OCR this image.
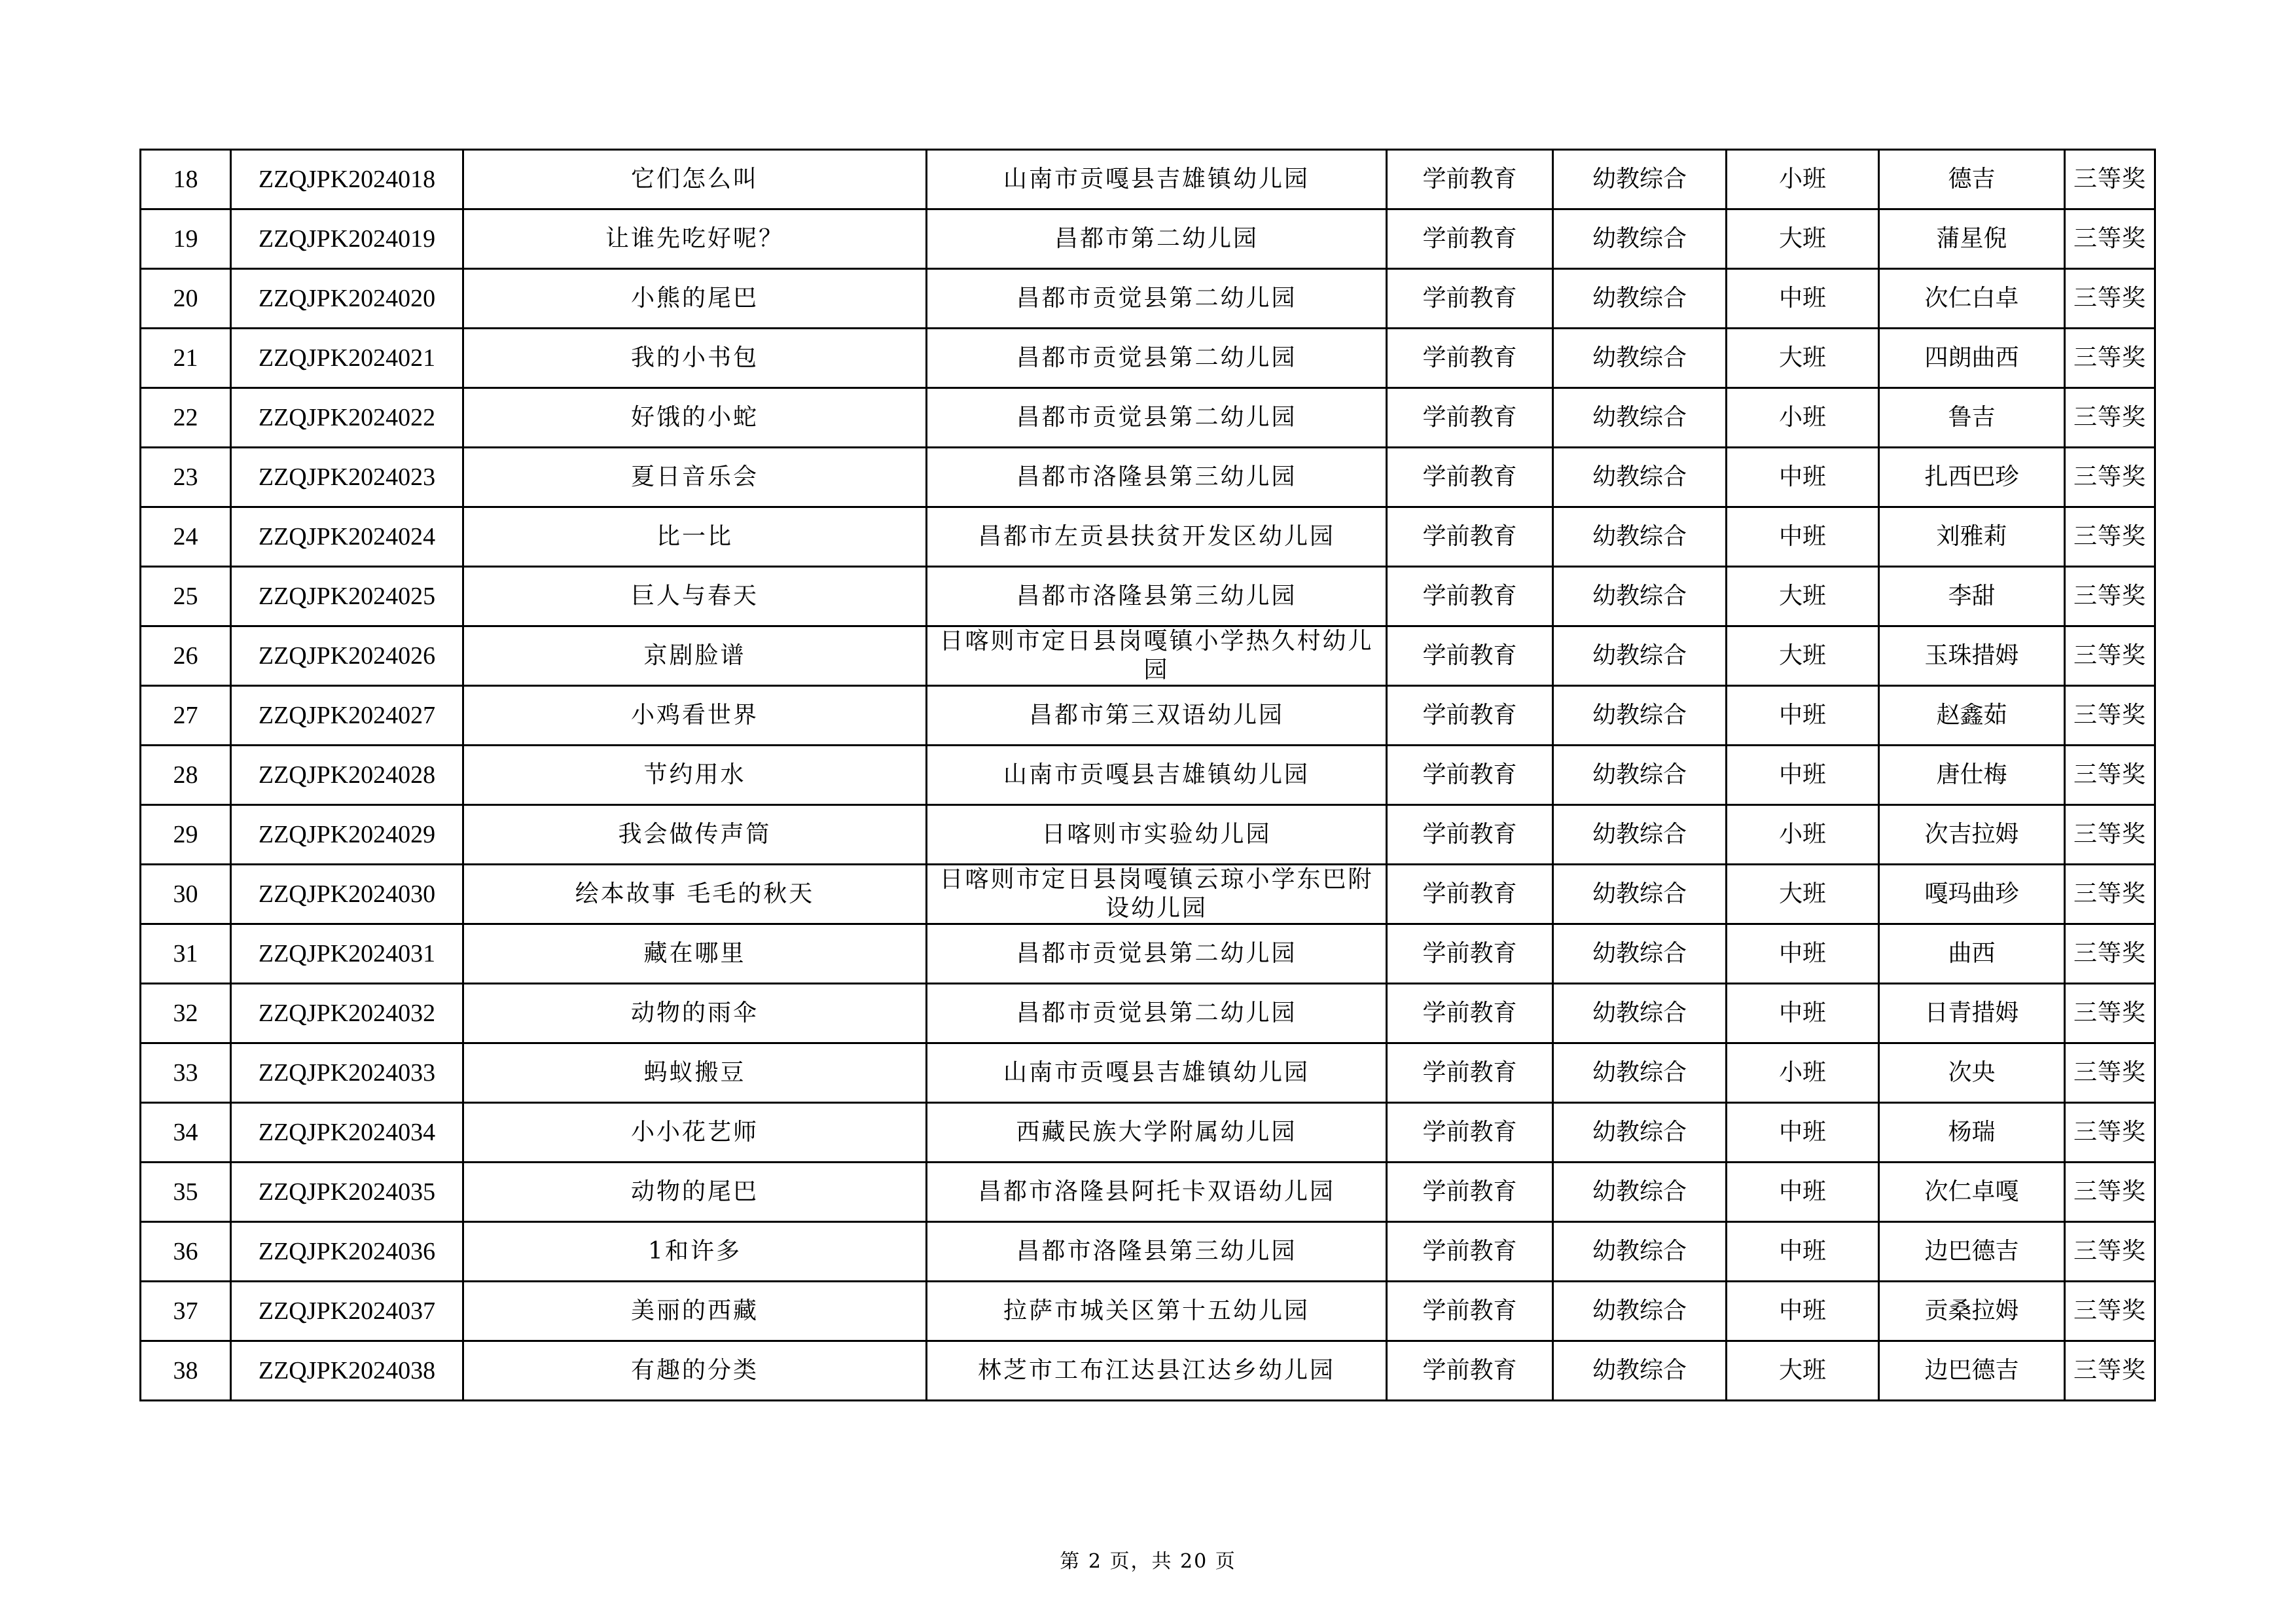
18	ZZQJPK2024018	它们怎么叫	山南市贡嘎县吉雄镇幼儿园	学前教育	幼教综合	小班	德吉	三等奖
19	ZZQJPK2024019	让谁先吃好呢？	昌都市第二幼儿园	学前教育	幼教综合	大班	蒲星倪	三等奖
20	ZZQJPK2024020	小熊的尾巴	昌都市贡觉县第二幼儿园	学前教育	幼教综合	中班	次仁白卓	三等奖
21	ZZQJPK2024021	我的小书包	昌都市贡觉县第二幼儿园	学前教育	幼教综合	大班	四朗曲西	三等奖
22	ZZQJPK2024022	好饿的小蛇	昌都市贡觉县第二幼儿园	学前教育	幼教综合	小班	鲁吉	三等奖
23	ZZQJPK2024023	夏日音乐会	昌都市洛隆县第三幼儿园	学前教育	幼教综合	中班	扎西巴珍	三等奖
24	ZZQJPK2024024	比一比	昌都市左贡县扶贫开发区幼儿园	学前教育	幼教综合	中班	刘雅莉	三等奖
25	ZZQJPK2024025	巨人与春天	昌都市洛隆县第三幼儿园	学前教育	幼教综合	大班	李甜	三等奖
26	ZZQJPK2024026	京剧脸谱	日喀则市定日县岗嘎镇小学热久村幼儿园	学前教育	幼教综合	大班	玉珠措姆	三等奖
27	ZZQJPK2024027	小鸡看世界	昌都市第三双语幼儿园	学前教育	幼教综合	中班	赵鑫茹	三等奖
28	ZZQJPK2024028	节约用水	山南市贡嘎县吉雄镇幼儿园	学前教育	幼教综合	中班	唐仕梅	三等奖
29	ZZQJPK2024029	我会做传声筒	日喀则市实验幼儿园	学前教育	幼教综合	小班	次吉拉姆	三等奖
30	ZZQJPK2024030	绘本故事 毛毛的秋天	日喀则市定日县岗嘎镇云琼小学东巴附设幼儿园	学前教育	幼教综合	大班	嘎玛曲珍	三等奖
31	ZZQJPK2024031	藏在哪里	昌都市贡觉县第二幼儿园	学前教育	幼教综合	中班	曲西	三等奖
32	ZZQJPK2024032	动物的雨伞	昌都市贡觉县第二幼儿园	学前教育	幼教综合	中班	日青措姆	三等奖
33	ZZQJPK2024033	蚂蚁搬豆	山南市贡嘎县吉雄镇幼儿园	学前教育	幼教综合	小班	次央	三等奖
34	ZZQJPK2024034	小小花艺师	西藏民族大学附属幼儿园	学前教育	幼教综合	中班	杨瑞	三等奖
35	ZZQJPK2024035	动物的尾巴	昌都市洛隆县阿托卡双语幼儿园	学前教育	幼教综合	中班	次仁卓嘎	三等奖
36	ZZQJPK2024036	1和许多	昌都市洛隆县第三幼儿园	学前教育	幼教综合	中班	边巴德吉	三等奖
37	ZZQJPK2024037	美丽的西藏	拉萨市城关区第十五幼儿园	学前教育	幼教综合	中班	贡桑拉姆	三等奖
38	ZZQJPK2024038	有趣的分类	林芝市工布江达县江达乡幼儿园	学前教育	幼教综合	大班	边巴德吉	三等奖
第 2 页，共 20 页
